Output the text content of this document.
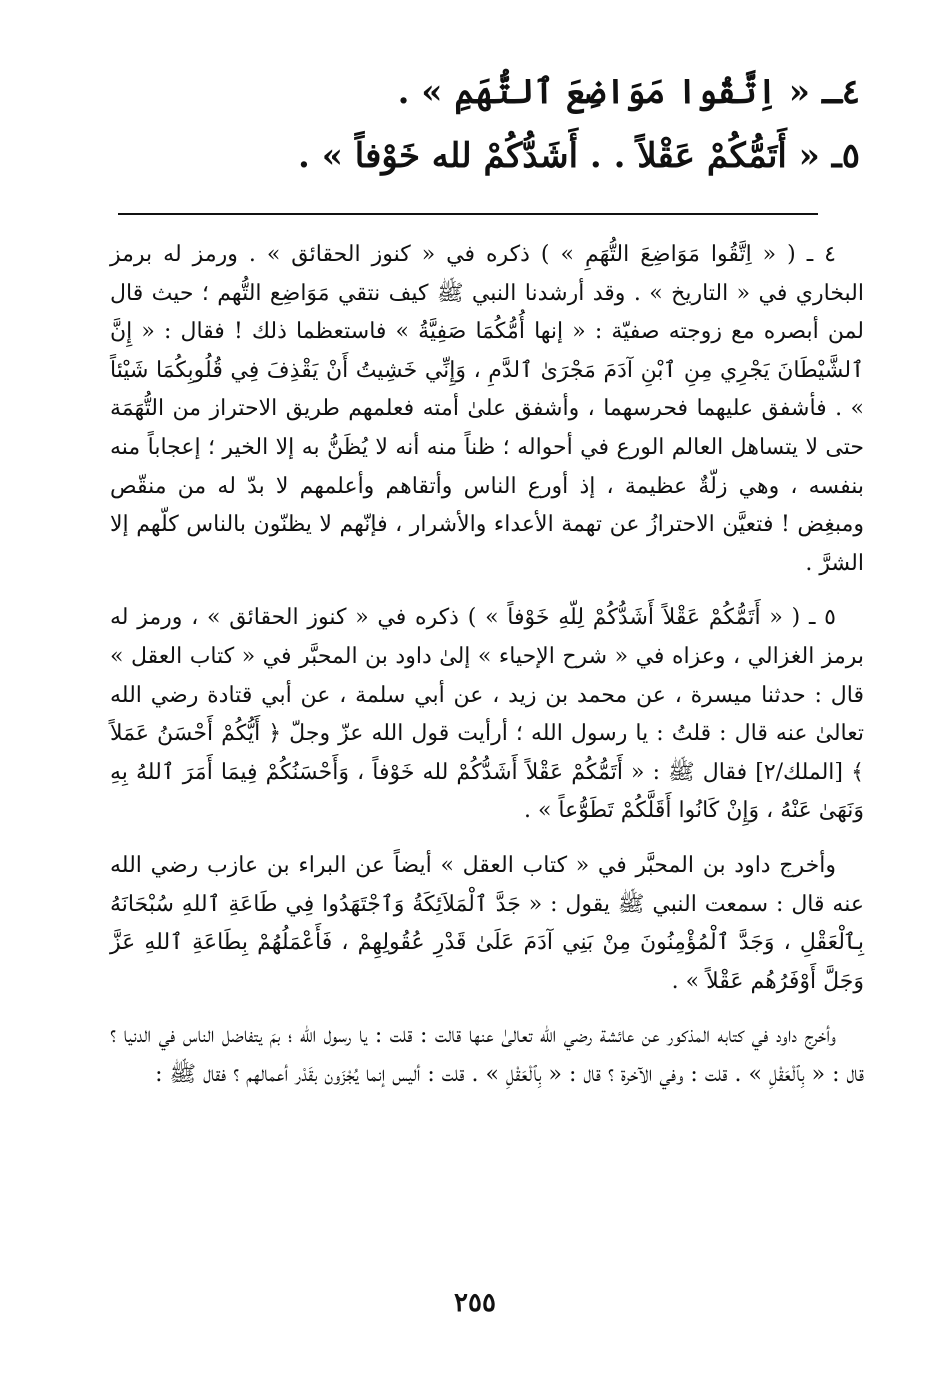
٤ـ « اِتَّقُوا مَوَاضِعَ ٱلتُّهَمِ » .
٥ـ « أَتَمُّكُمْ عَقْلاً . . أَشَدُّكُمْ لله خَوْفاً » .

٤ ـ ( « اِتَّقُوا مَوَاضِعَ التُّهَمِ » ) ذكره في « كنوز الحقائق » . ورمز له برمز البخاري في « التاريخ » . وقد أرشدنا النبي ﷺ كيف نتقي مَوَاضِع التُّهم ؛ حيث قال لمن أبصره مع زوجته صفيّة : « إنها أُمُّكُمَا صَفِيَّةُ » فاستعظما ذلك ! فقال : « إِنَّ ٱلشَّيْطَانَ يَجْرِي مِنِ ٱبْنِ آدَمَ مَجْرَىٰ ٱلدَّمِ ، وَإِنِّي خَشِيتُ أَنْ يَقْذِفَ فِي قُلُوبِكُمَا شَيْئاً » . فأشفق عليهما فحرسهما ، وأشفق علىٰ أمته فعلمهم طريق الاحتراز من التُّهَمَة حتى لا يتساهل العالم الورع في أحواله ؛ ظناً منه أنه لا يُظَنُّ به إلا الخير ؛ إعجاباً منه بنفسه ، وهي زلّةٌ عظيمة ، إذ أورع الناس وأتقاهم وأعلمهم لا بدّ له من منقّص ومبغِض ! فتعيَّن الاحترازُ عن تهمة الأعداء والأشرار ، فإنّهم لا يظنّون بالناس كلّهم إلا الشرَّ .

٥ ـ ( « أَتَمُّكُمْ عَقْلاً أَشَدُّكُمْ لِلّهِ خَوْفاً » ) ذكره في « كنوز الحقائق » ، ورمز له برمز الغزالي ، وعزاه في « شرح الإحياء » إلىٰ داود بن المحبَّر في « كتاب العقل » قال : حدثنا ميسرة ، عن محمد بن زيد ، عن أبي سلمة ، عن أبي قتادة رضي الله تعالىٰ عنه قال : قلتُ : يا رسول الله ؛ أرأيت قول الله عزّ وجلّ ﴿ أَيُّكُمْ أَحْسَنُ عَمَلاً ﴾ [الملك/٢] فقال ﷺ : « أَتَمُّكُمْ عَقْلاً أَشَدُّكُمْ لله خَوْفاً ، وَأَحْسَنُكُمْ فِيمَا أَمَرَ ٱللهُ بِهِ وَنَهَىٰ عَنْهُ ، وَإِنْ كَانُوا أَقَلَّكُمْ تَطَوُّعاً » .

وأخرج داود بن المحبَّر في « كتاب العقل » أيضاً عن البراء بن عازب رضي الله عنه قال : سمعت النبي ﷺ يقول : « جَدَّ ٱلْمَلاَئِكَةُ وَٱجْتَهَدُوا فِي طَاعَةِ ٱللهِ سُبْحَانَهُ بِٱلْعَقْلِ ، وَجَدَّ ٱلْمُؤْمِنُونَ مِنْ بَنِي آدَمَ عَلَىٰ قَدْرِ عُقُولِهِمْ ، فَأَعْمَلُهُمْ بِطَاعَةِ ٱللهِ عَزَّ وَجَلَّ أَوْفَرُهُم عَقْلاً » .

وأخرج داود في كتابه المذكور عن عائشة رضي الله تعالىٰ عنها قالت : قلت : يا رسول الله ؛ بمَ يتفاضل الناس في الدنيا ؟ قال : « بِٱلْعَقْلِ » . قلت : وفي الآخرة ؟ قال : « بِٱلْعَقْلِ » . قلت : أليس إنما يُجْزَون بقَدْر أعمالهم ؟ فقال ﷺ :

٢٥٥
